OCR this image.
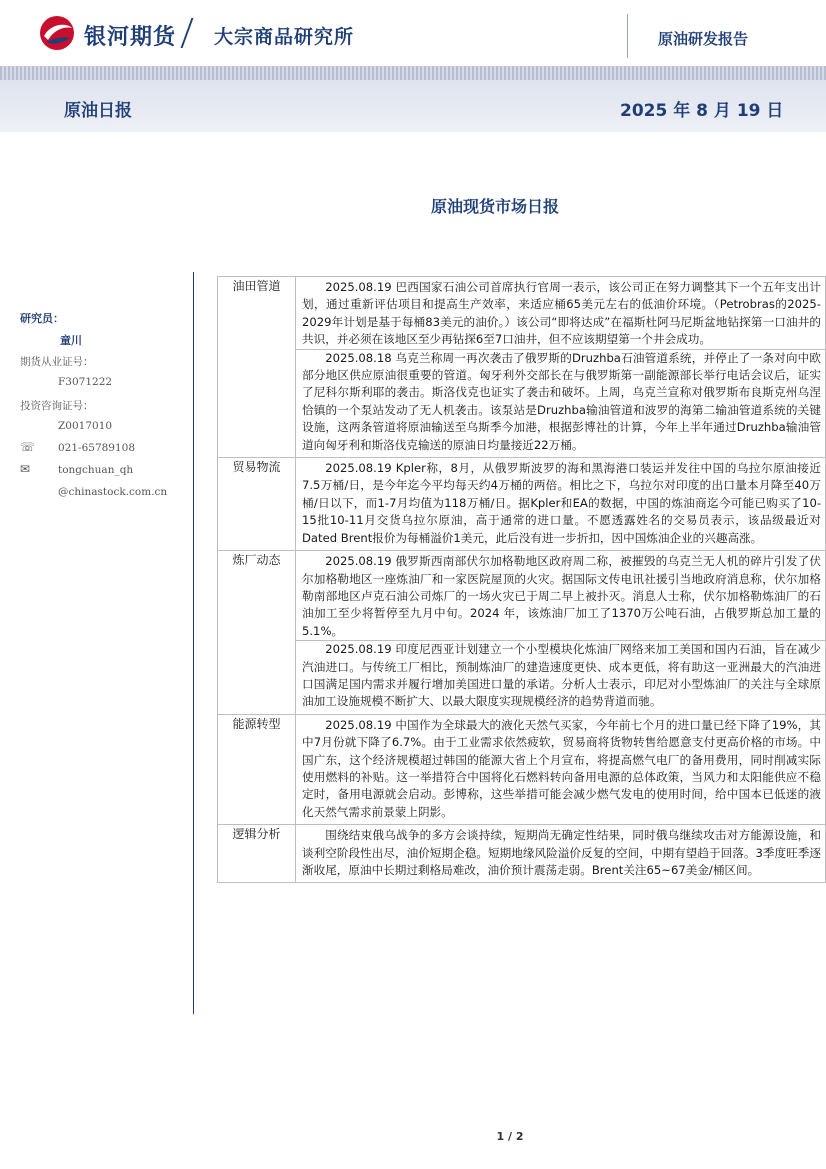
银河期货 大宗商品研究所	原油研发报告
原油日报	2025 年 8 月 19 日
原油现货市场日报
研究员：
童川
期货从业证号：
F3071222
投资咨询证号：
Z0017010
☏ 021-65789108
✉	tongchuan_qh
@chinastock.com.cn
油田管道	2025.08.19 巴西国家石油公司首席执行官周一表示，该公司正在努力调整其下一个五年支出计划，通过重新评估项目和提高生产效率，来适应桶65美元左右的低油价环境。（Petrobras的2025-2029年计划是基于每桶83美元的油价。）该公司“即将达成”在福斯杜阿马尼斯盆地钻探第一口油井的共识，并必须在该地区至少再钻探6至7口油井，但不应该期望第一个井会成功。

2025.08.18 乌克兰称周一再次袭击了俄罗斯的Druzhba石油管道系统，并停止了一条对向中欧部分地区供应原油很重要的管道。匈牙利外交部长在与俄罗斯第一副能源部长举行电话会议后，证实了尼科尔斯利耶的袭击。斯洛伐克也证实了袭击和破坏。上周，乌克兰宣称对俄罗斯布良斯克州乌涅恰镇的一个泵站发动了无人机袭击。该泵站是Druzhba输油管道和波罗的海第二输油管道系统的关键设施，这两条管道将原油输送至乌斯季今加港，根据彭博社的计算，今年上半年通过Druzhba输油管道向匈牙利和斯洛伐克输送的原油日均量接近22万桶。

贸易物流	2025.08.19 Kpler称，8月，从俄罗斯波罗的海和黑海港口装运并发往中国的乌拉尔原油接近7.5万桶/日，是今年迄今平均每天约4万桶的两倍。相比之下，乌拉尔对印度的出口量本月降至40万桶/日以下，而1-7月均值为118万桶/日。据Kpler和EA的数据，中国的炼油商迄今可能已购买了10-15批10-11月交货乌拉尔原油，高于通常的进口量。不愿透露姓名的交易员表示，该品级最近对Dated Brent报价为每桶溢价1美元，此后没有进一步折扣，因中国炼油企业的兴趣高涨。

炼厂动态	2025.08.19 俄罗斯西南部伏尔加格勒地区政府周二称，被摧毁的乌克兰无人机的碎片引发了伏尔加格勒地区一座炼油厂和一家医院屋顶的火灾。据国际文传电讯社援引当地政府消息称，伏尔加格勒南部地区卢克石油公司炼厂的一场火灾已于周二早上被扑灭。消息人士称，伏尔加格勒炼油厂的石油加工至少将暂停至九月中旬。2024 年，该炼油厂加工了1370万公吨石油，占俄罗斯总加工量的5.1%。

2025.08.19 印度尼西亚计划建立一个小型模块化炼油厂网络来加工美国和国内石油，旨在减少汽油进口。与传统工厂相比，预制炼油厂的建造速度更快、成本更低，将有助这一亚洲最大的汽油进口国满足国内需求并履行增加美国进口量的承诺。分析人士表示，印尼对小型炼油厂的关注与全球原油加工设施规模不断扩大、以最大限度实现规模经济的趋势背道而驰。

能源转型	2025.08.19 中国作为全球最大的液化天然气买家，今年前七个月的进口量已经下降了19%，其中7月份就下降了6.7%。由于工业需求依然疲软，贸易商将货物转售给愿意支付更高价格的市场。中国广东，这个经济规模超过韩国的能源大省上个月宣布，将提高燃气电厂的备用费用，同时削减实际使用燃料的补贴。这一举措符合中国将化石燃料转向备用电源的总体政策，当风力和太阳能供应不稳定时，备用电源就会启动。彭博称，这些举措可能会减少燃气发电的使用时间，给中国本已低迷的液化天然气需求前景蒙上阴影。

逻辑分析	围绕结束俄乌战争的多方会谈持续，短期尚无确定性结果，同时俄乌继续攻击对方能源设施，和谈利空阶段性出尽，油价短期企稳。短期地缘风险溢价反复的空间，中期有望趋于回落。3季度旺季逐渐收尾，原油中长期过剩格局难改，油价预计震荡走弱。Brent关注65~67美金/桶区间。

1 / 2
